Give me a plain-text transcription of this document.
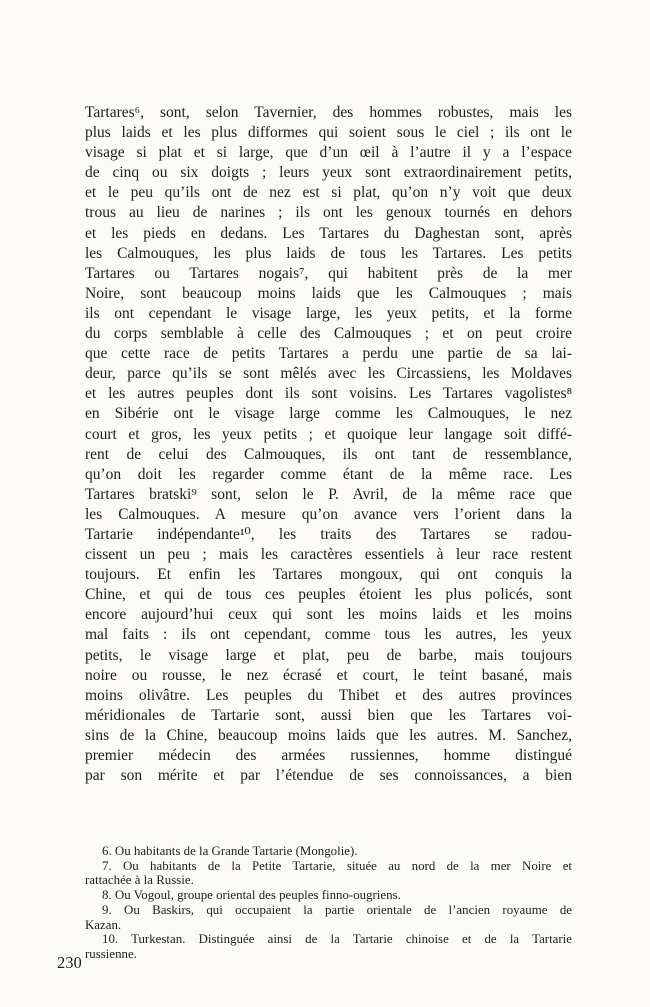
Tartares⁶, sont, selon Tavernier, des hommes robustes, mais les
plus laids et les plus difformes qui soient sous le ciel ; ils ont le
visage si plat et si large, que d’un œil à l’autre il y a l’espace
de cinq ou six doigts ; leurs yeux sont extraordinairement petits,
et le peu qu’ils ont de nez est si plat, qu’on n’y voit que deux
trous au lieu de narines ; ils ont les genoux tournés en dehors
et les pieds en dedans. Les Tartares du Daghestan sont, après
les Calmouques, les plus laids de tous les Tartares. Les petits
Tartares ou Tartares nogais⁷, qui habitent près de la mer
Noire, sont beaucoup moins laids que les Calmouques ; mais
ils ont cependant le visage large, les yeux petits, et la forme
du corps semblable à celle des Calmouques ; et on peut croire
que cette race de petits Tartares a perdu une partie de sa lai-
deur, parce qu’ils se sont mêlés avec les Circassiens, les Moldaves
et les autres peuples dont ils sont voisins. Les Tartares vagolistes⁸
en Sibérie ont le visage large comme les Calmouques, le nez
court et gros, les yeux petits ; et quoique leur langage soit diffé-
rent de celui des Calmouques, ils ont tant de ressemblance,
qu’on doit les regarder comme étant de la même race. Les
Tartares bratski⁹ sont, selon le P. Avril, de la même race que
les Calmouques. A mesure qu’on avance vers l’orient dans la
Tartarie indépendante¹⁰, les traits des Tartares se radou-
cissent un peu ; mais les caractères essentiels à leur race restent
toujours. Et enfin les Tartares mongoux, qui ont conquis la
Chine, et qui de tous ces peuples étoient les plus policés, sont
encore aujourd’hui ceux qui sont les moins laids et les moins
mal faits : ils ont cependant, comme tous les autres, les yeux
petits, le visage large et plat, peu de barbe, mais toujours
noire ou rousse, le nez écrasé et court, le teint basané, mais
moins olivâtre. Les peuples du Thibet et des autres provinces
méridionales de Tartarie sont, aussi bien que les Tartares voi-
sins de la Chine, beaucoup moins laids que les autres. M. Sanchez,
premier médecin des armées russiennes, homme distingué
par son mérite et par l’étendue de ses connoissances, a bien
6. Ou habitants de la Grande Tartarie (Mongolie).
7. Ou habitants de la Petite Tartarie, située au nord de la mer Noire et
rattachée à la Russie.
8. Ou Vogoul, groupe oriental des peuples finno-ougriens.
9. Ou Baskirs, qui occupaient la partie orientale de l’ancien royaume de
Kazan.
10. Turkestan. Distinguée ainsi de la Tartarie chinoise et de la Tartarie
russienne.
230
